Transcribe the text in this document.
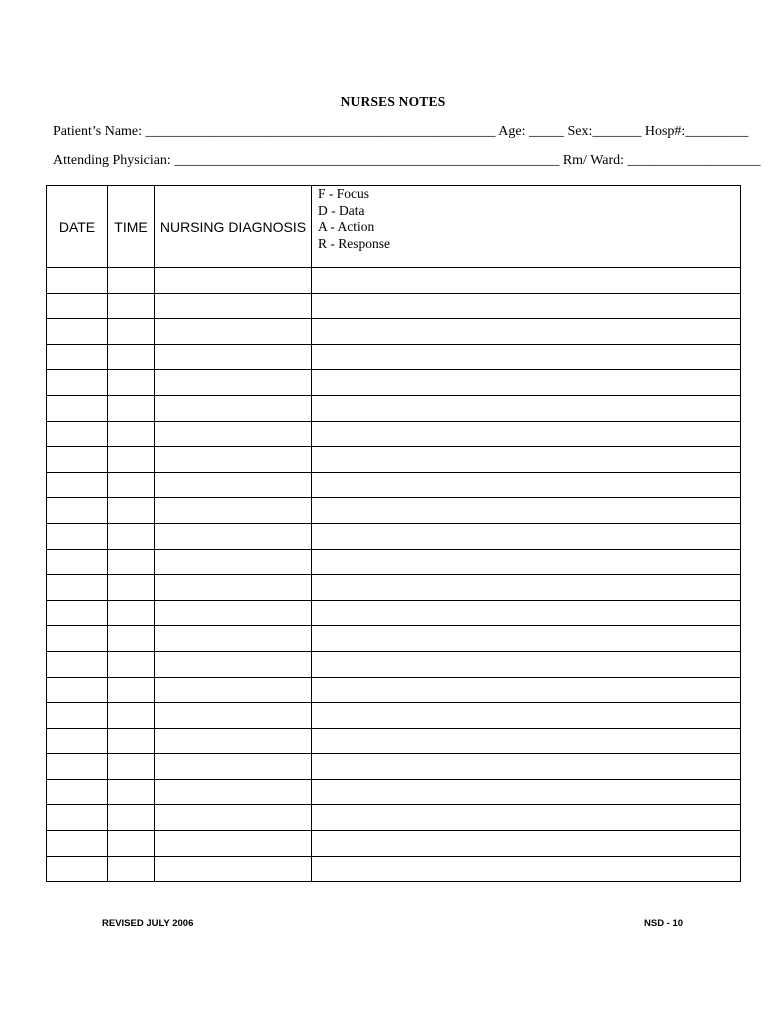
NURSES NOTES
Patient’s Name: __________________________________________________ Age: _____ Sex:_______ Hosp#:_________
Attending Physician: _______________________________________________________ Rm/ Ward: ___________________
DATE	TIME	NURSING DIAGNOSIS	F - Focus
D - Data
A - Action
R - Response

REVISED JULY 2006	NSD - 10
